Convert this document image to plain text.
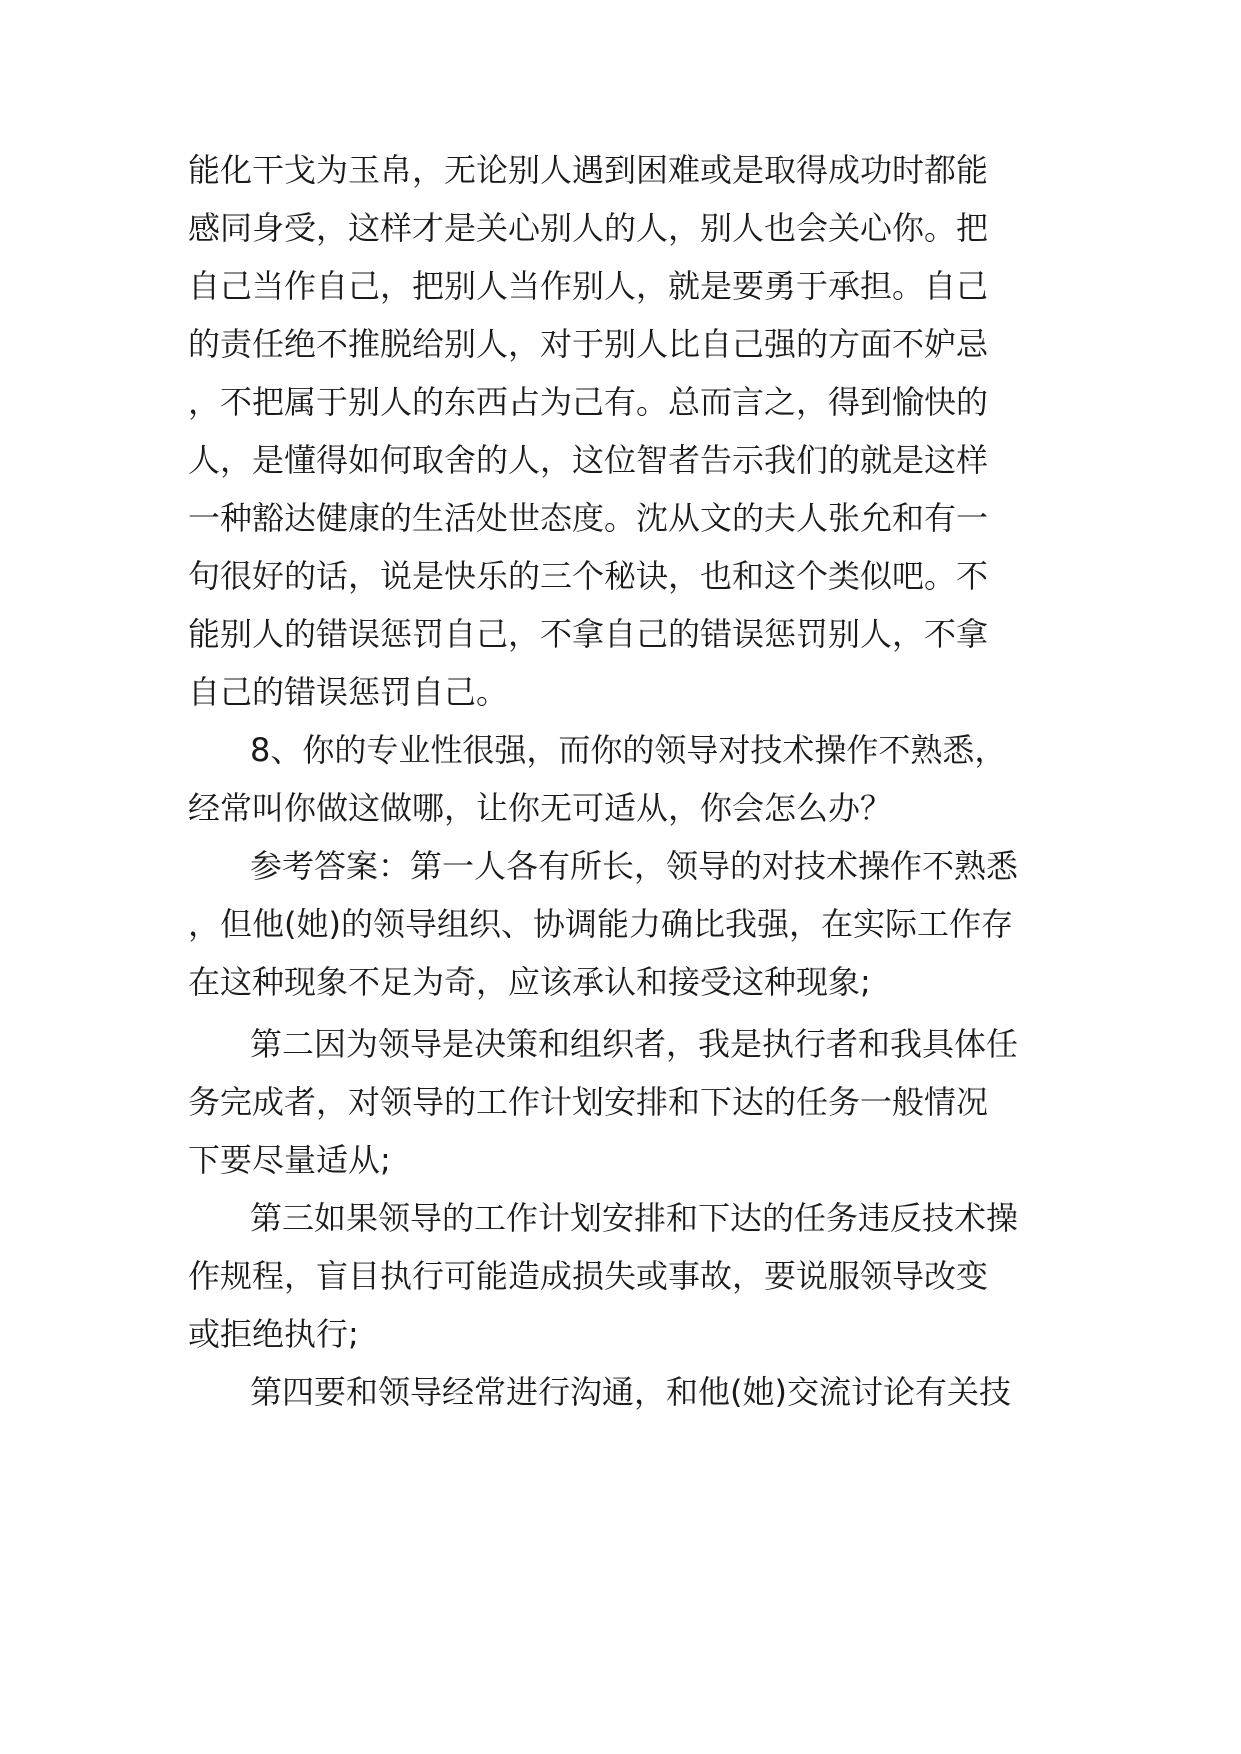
能化干戈为玉帛，无论别人遇到困难或是取得成功时都能
感同身受，这样才是关心别人的人，别人也会关心你。把
自己当作自己，把别人当作别人，就是要勇于承担。自己
的责任绝不推脱给别人，对于别人比自己强的方面不妒忌
，不把属于别人的东西占为己有。总而言之，得到愉快的
人，是懂得如何取舍的人，这位智者告示我们的就是这样
一种豁达健康的生活处世态度。沈从文的夫人张允和有一
句很好的话，说是快乐的三个秘诀，也和这个类似吧。不
能别人的错误惩罚自己，不拿自己的错误惩罚别人，不拿
自己的错误惩罚自己。
8、你的专业性很强，而你的领导对技术操作不熟悉，
经常叫你做这做哪，让你无可适从，你会怎么办？
参考答案：第一人各有所长，领导的对技术操作不熟悉
，但他(她)的领导组织、协调能力确比我强，在实际工作存
在这种现象不足为奇，应该承认和接受这种现象;
第二因为领导是决策和组织者，我是执行者和我具体任
务完成者，对领导的工作计划安排和下达的任务一般情况
下要尽量适从;
第三如果领导的工作计划安排和下达的任务违反技术操
作规程，盲目执行可能造成损失或事故，要说服领导改变
或拒绝执行;
第四要和领导经常进行沟通，和他(她)交流讨论有关技
